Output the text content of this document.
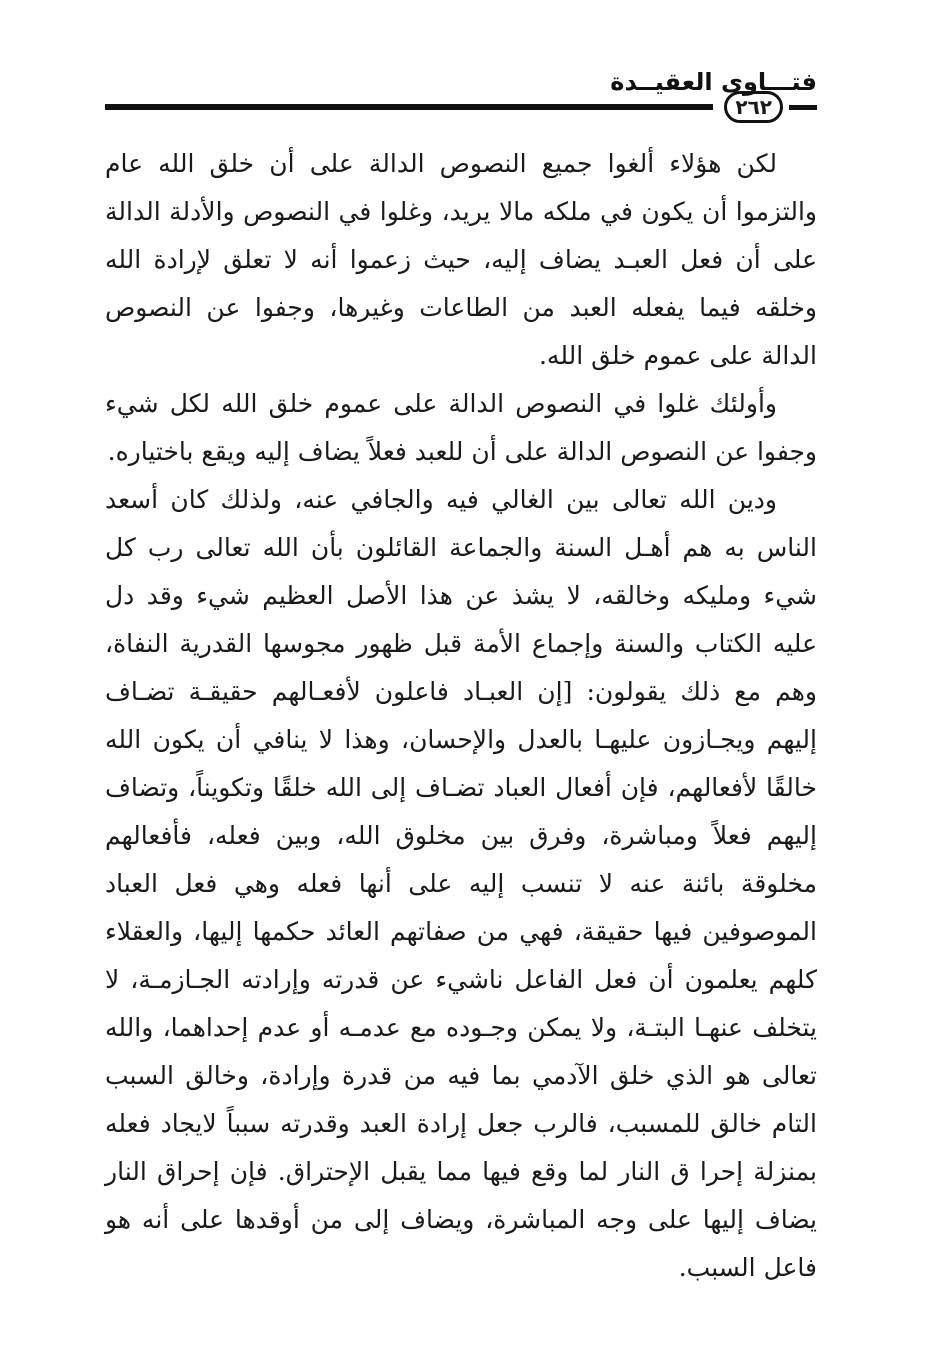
فتـــاوى العقيــدة
٢٦٢

لكن هؤلاء ألغوا جميع النصوص الدالة على أن خلق الله عام والتزموا أن يكون في ملكه مالا يريد، وغلوا في النصوص والأدلة الدالة على أن فعل العبـد يضاف إليه، حيث زعموا أنه لا تعلق لإرادة الله وخلقه فيما يفعله العبد من الطاعات وغيرها، وجفوا عن النصوص الدالة على عموم خلق الله.

وأولئك غلوا في النصوص الدالة على عموم خلق الله لكل شيء وجفوا عن النصوص الدالة على أن للعبد فعلاً يضاف إليه ويقع باختياره.

ودين الله تعالى بين الغالي فيه والجافي عنه، ولذلك كان أسعد الناس به هم أهـل السنة والجماعة القائلون بأن الله تعالى رب كل شيء ومليكه وخالقه، لا يشذ عن هذا الأصل العظيم شيء وقد دل عليه الكتاب والسنة وإجماع الأمة قبل ظهور مجوسها القدرية النفاة، وهم مع ذلك يقولون: [إن العبـاد فاعلون لأفعـالهم حقيقـة تضـاف إليهم ويجـازون عليهـا بالعدل والإحسان، وهذا لا ينافي أن يكون الله خالقًا لأفعالهم، فإن أفعال العباد تضـاف إلى الله خلقًا وتكويناً، وتضاف إليهم فعلاً ومباشرة، وفرق بين مخلوق الله، وبين فعله، فأفعالهم مخلوقة بائنة عنه لا تنسب إليه على أنها فعله وهي فعل العباد الموصوفين فيها حقيقة، فهي من صفاتهم العائد حكمها إليها، والعقلاء كلهم يعلمون أن فعل الفاعل ناشيء عن قدرته وإرادته الجـازمـة، لا يتخلف عنهـا البتـة، ولا يمكن وجـوده مع عدمـه أو عدم إحداهما، والله تعالى هو الذي خلق الآدمي بما فيه من قدرة وإرادة، وخالق السبب التام خالق للمسبب، فالرب جعل إرادة العبد وقدرته سبباً لايجاد فعله بمنزلة إحرا ق النار لما وقع فيها مما يقبل الإحتراق. فإن إحراق النار يضاف إليها على وجه المباشرة، ويضاف إلى من أوقدها على أنه هو فاعل السبب.
